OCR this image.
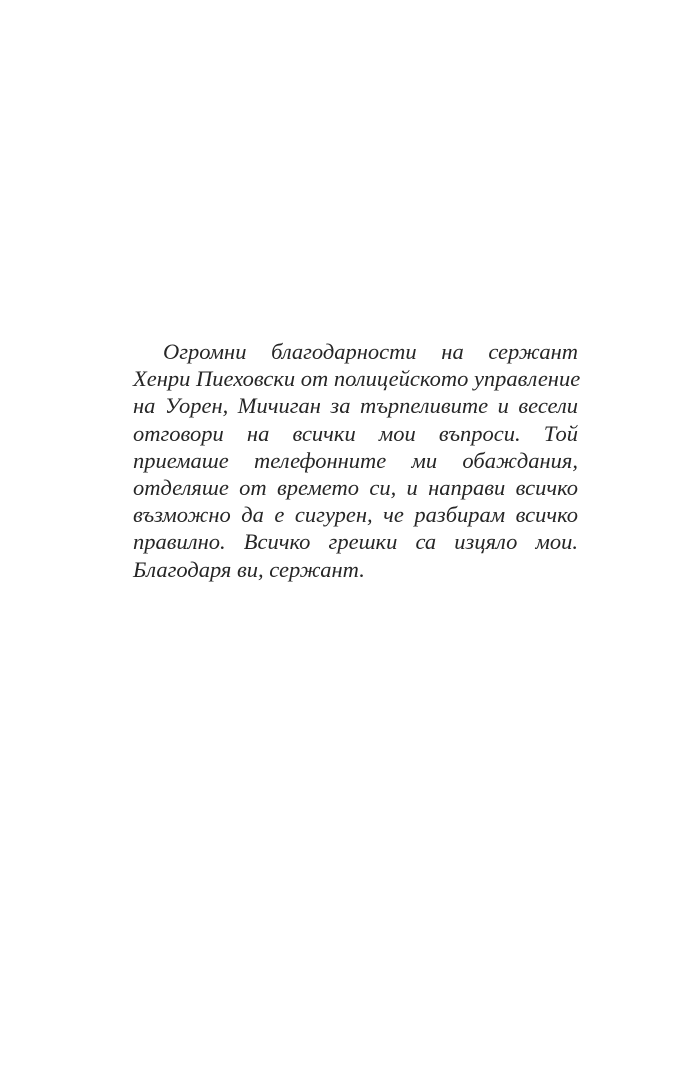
Огромни благодарности на сержант
Хенри Пиеховски от полицейското управление
на Уорен, Мичиган за търпеливите и весели
отговори на всички мои въпроси. Той
приемаше телефонните ми обаждания,
отделяше от времето си, и направи всичко
възможно да е сигурен, че разбирам всичко
правилно. Всичко грешки са изцяло мои.
Благодаря ви, сержант.
